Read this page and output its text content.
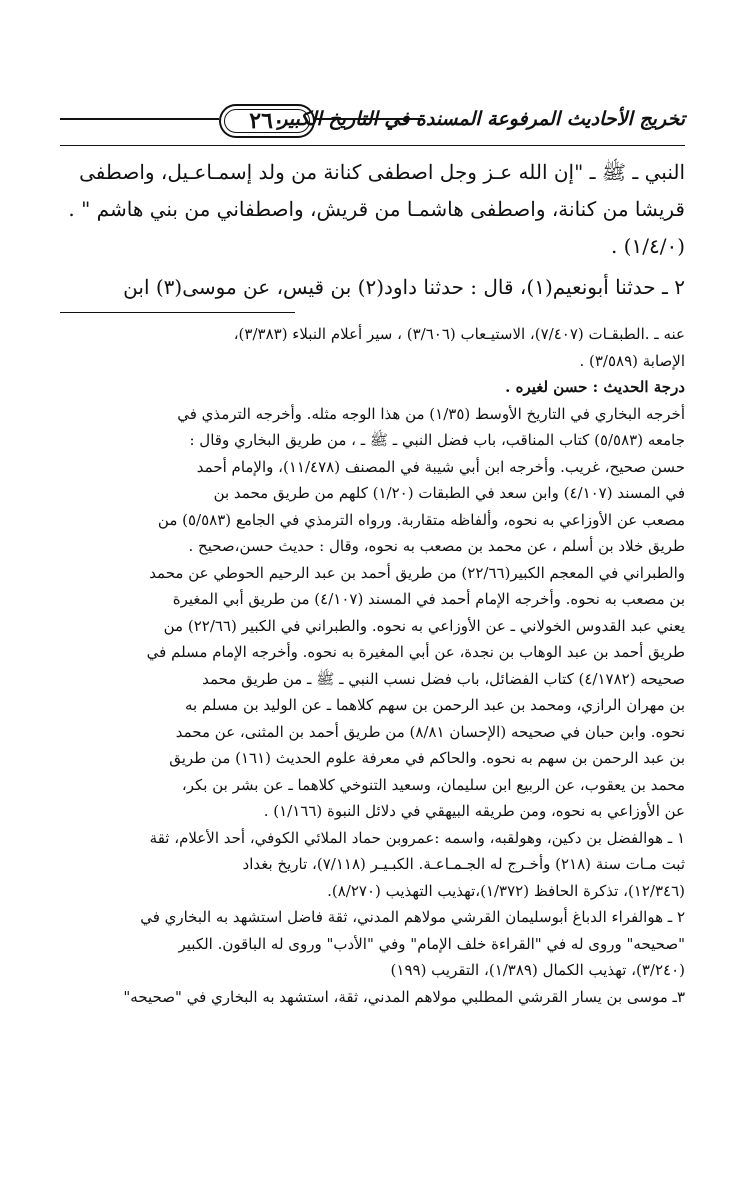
تخريج الأحاديث المرفوعة المسندة في التاريخ الكبير
٢٦٠

النبي ـ ﷺ ـ "إن الله عـز وجل اصطفى كنانة من ولد إسمـاعـيل، واصطفى

قريشا من كنانة، واصطفى هاشمـا من قريش، واصطفاني من بني هاشم " .

(١/٤/٠) .

٢ ـ حدثنا أبونعيم(١)، قال : حدثنا داود(٢) بن قيس، عن موسى(٣) ابن

عنه ـ .الطبقـات (٧/٤٠٧)، الاستيـعاب (٣/٦٠٦) ، سير أعلام النبلاء (٣/٣٨٣)،

الإصابة (٣/٥٨٩) .

درجة الحديث : حسن لغيره .

أخرجه البخاري في التاريخ الأوسط (١/٣٥) من هذا الوجه مثله. وأخرجه الترمذي في

جامعه (٥/٥٨٣) كتاب المناقب، باب فضل النبي ـ ﷺ ـ ، من طريق البخاري وقال :

حسن صحيح، غريب. وأخرجه ابن أبي شيبة في المصنف (١١/٤٧٨)، والإمام أحمد

في المسند (٤/١٠٧) وابن سعد في الطبقات (١/٢٠) كلهم من طريق محمد بن

مصعب عن الأوزاعي به نحوه، وألفاظه متقاربة. ورواه الترمذي في الجامع (٥/٥٨٣) من

طريق خلاد بن أسلم ، عن محمد بن مصعب به نحوه، وقال : حديث حسن،صحيح .

والطبراني في المعجم الكبير(٢٢/٦٦) من طريق أحمد بن عبد الرحيم الحوطي عن محمد

بن مصعب به نحوه. وأخرجه الإمام أحمد في المسند (٤/١٠٧) من طريق أبي المغيرة

يعني عبد القدوس الخولاني ـ عن الأوزاعي به نحوه. والطبراني في الكبير (٢٢/٦٦) من

طريق أحمد بن عبد الوهاب بن نجدة، عن أبي المغيرة به نحوه. وأخرجه الإمام مسلم في

صحيحه (٤/١٧٨٢) كتاب الفضائل، باب فضل نسب النبي ـ ﷺ ـ من طريق محمد

بن مهران الرازي، ومحمد بن عبد الرحمن بن سهم كلاهما ـ عن الوليد بن مسلم به

نحوه. وابن حبان في صحيحه (الإحسان ٨/٨١) من طريق أحمد بن المثنى، عن محمد

بن عبد الرحمن بن سهم به نحوه. والحاكم في معرفة علوم الحديث (١٦١) من طريق

محمد بن يعقوب، عن الربيع ابن سليمان، وسعيد التنوخي كلاهما ـ عن بشر بن بكر،

عن الأوزاعي به نحوه، ومن طريقه البيهقي في دلائل النبوة (١/١٦٦) .

١ ـ هوالفضل بن دكين، وهولقبه، واسمه :عمروبن حماد الملائي الكوفي، أحد الأعلام، ثقة

ثبت مـات سنة (٢١٨) وأخـرج له الجـمـاعـة. الكبـيـر (٧/١١٨)، تاريخ بغداد

(١٢/٣٤٦)، تذكرة الحافظ (١/٣٧٢)،تهذيب التهذيب (٨/٢٧٠).

٢ ـ هوالفراء الدباغ أبوسليمان القرشي مولاهم المدني، ثقة فاضل استشهد به البخاري في

"صحيحه" وروى له في "القراءة خلف الإمام" وفي "الأدب" وروى له الباقون. الكبير

(٣/٢٤٠)، تهذيب الكمال (١/٣٨٩)، التقريب (١٩٩)

٣ـ موسى بن يسار القرشي المطلبي مولاهم المدني، ثقة، استشهد به البخاري في "صحيحه"
